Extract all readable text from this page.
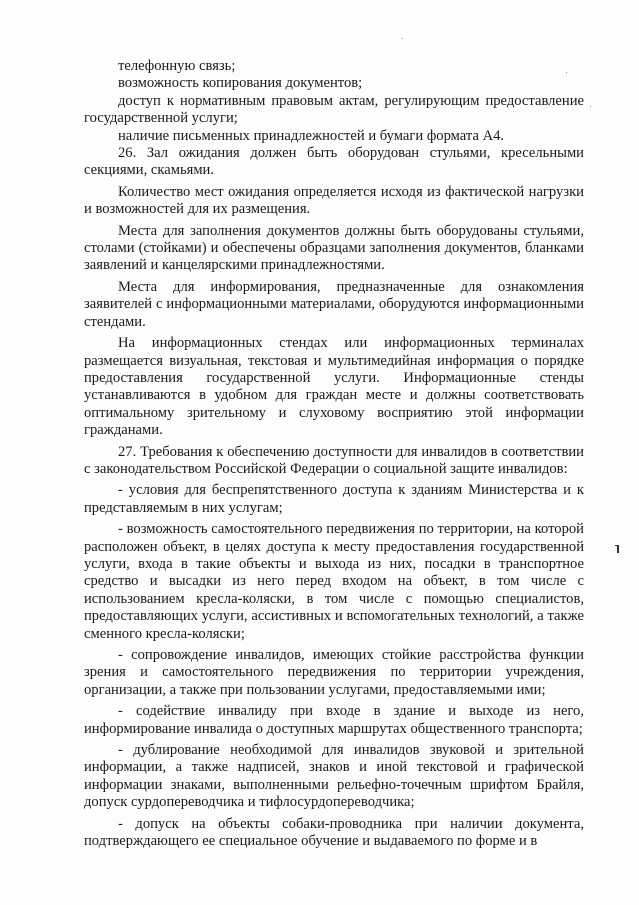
телефонную связь;

возможность копирования документов;

доступ к нормативным правовым актам, регулирующим предоставление государственной услуги;

наличие письменных принадлежностей и бумаги формата А4.

26. Зал ожидания должен быть оборудован стульями, кресельными секциями, скамьями.

Количество мест ожидания определяется исходя из фактической нагрузки и возможностей для их размещения.

Места для заполнения документов должны быть оборудованы стульями, столами (стойками) и обеспечены образцами заполнения документов, бланками заявлений и канцелярскими принадлежностями.

Места для информирования, предназначенные для ознакомления заявителей с информационными материалами, оборудуются информационными стендами.

На информационных стендах или информационных терминалах размещается визуальная, текстовая и мультимедийная информация о порядке предоставления государственной услуги. Информационные стенды устанавливаются в удобном для граждан месте и должны соответствовать оптимальному зрительному и слуховому восприятию этой информации гражданами.

27. Требования к обеспечению доступности для инвалидов в соответствии с законодательством Российской Федерации о социальной защите инвалидов:

- условия для беспрепятственного доступа к зданиям Министерства и к представляемым в них услугам;

- возможность самостоятельного передвижения по территории, на которой расположен объект, в целях доступа к месту предоставления государственной услуги, входа в такие объекты и выхода из них, посадки в транспортное средство и высадки из него перед входом на объект, в том числе с использованием кресла-коляски, в том числе с помощью специалистов, предоставляющих услуги, ассистивных и вспомогательных технологий, а также сменного кресла-коляски;

- сопровождение инвалидов, имеющих стойкие расстройства функции зрения и самостоятельного передвижения по территории учреждения, организации, а также при пользовании услугами, предоставляемыми ими;

- содействие инвалиду при входе в здание и выходе из него, информирование инвалида о доступных маршрутах общественного транспорта;

- дублирование необходимой для инвалидов звуковой и зрительной информации, а также надписей, знаков и иной текстовой и графической информации знаками, выполненными рельефно-точечным шрифтом Брайля, допуск сурдопереводчика и тифлосурдопереводчика;

- допуск на объекты собаки-проводника при наличии документа, подтверждающего ее специальное обучение и выдаваемого по форме и в
